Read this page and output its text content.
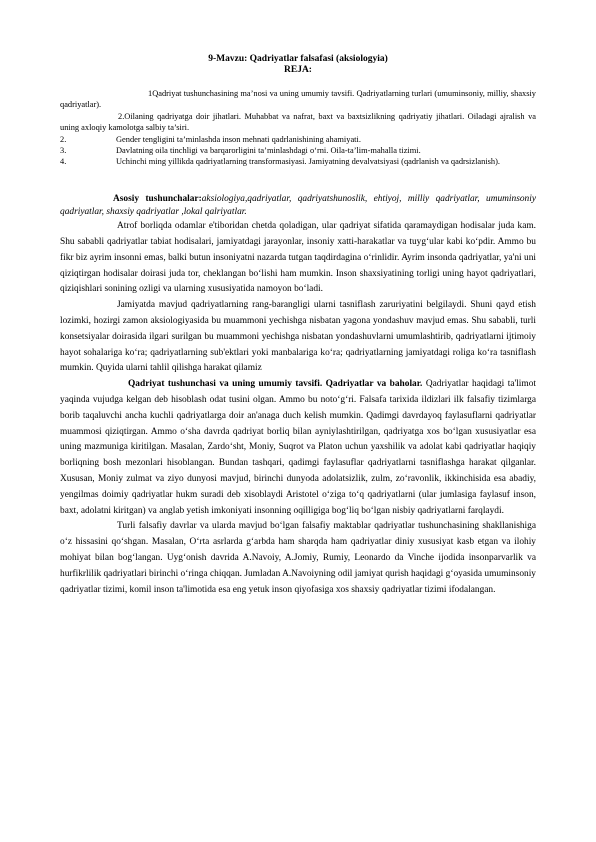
9-Mavzu: Qadriyatlar falsafasi (aksiologyia)

REJA:

1Qadriyat tushunchasining ma’nosi va uning umumiy tavsifi. Qadriyatlarning turlari (umuminsoniy, milliy, shaxsiy qadriyatlar).
2.Oilaning qadriyatga doir jihatlari. Muhabbat va nafrat, baxt va baxtsizlikning qadriyatiy jihatlari. Oiladagi ajralish va uning axloqiy kamolotga salbiy ta’siri.
2.	Gender tengligini ta’minlashda inson mehnati qadrlanishining ahamiyati.
3.	Davlatning oila tinchligi va barqarorligini ta’minlashdagi o‘rni. Oila-ta’lim-mahalla tizimi.
4.	Uchinchi ming yillikda qadriyatlarning transformasiyasi. Jamiyatning devalvatsiyasi (qadrlanish va qadrsizlanish).
Asosiy tushunchalar:aksiologiya,qadriyatlar, qadriyatshunoslik, ehtiyoj, milliy qadriyatlar, umuminsoniy qadriyatlar, shaxsiy qadriyatlar ,lokal qalriyatlar.

Atrof borliqda odamlar e'tiboridan chetda qoladigan, ular qadriyat sifatida qaramaydigan hodisalar juda kam. Shu sababli qadriyatlar tabiat hodisalari, jamiyatdagi jarayonlar, insoniy xatti-harakatlar va tuyg‘ular kabi ko‘pdir. Ammo bu fikr biz ayrim insonni emas, balki butun insoniyatni nazarda tutgan taqdirdagina o‘rinlidir. Ayrim insonda qadriyatlar, ya'ni uni qiziqtirgan hodisalar doirasi juda tor, cheklangan bo‘lishi ham mumkin. Inson shaxsiyatining torligi uning hayot qadriyatlari, qiziqishlari sonining ozligi va ularning xususiyatida namoyon bo‘ladi.

Jamiyatda mavjud qadriyatlarning rang-barangligi ularni tasniflash zaruriyatini belgilaydi. Shuni qayd etish lozimki, hozirgi zamon aksiologiyasida bu muammoni yechishga nisbatan yagona yondashuv mavjud emas. Shu sababli, turli konsetsiyalar doirasida ilgari surilgan bu muammoni yechishga nisbatan yondashuvlarni umumlashtirib, qadriyatlarni ijtimoiy hayot sohalariga ko‘ra; qadriyatlarning sub'ektlari yoki manbalariga ko‘ra; qadriyatlarning jamiyatdagi roliga ko‘ra tasniflash mumkin. Quyida ularni tahlil qilishga harakat qilamiz

Qadriyat tushunchasi va uning umumiy tavsifi. Qadriyatlar va baholar. Qadriyatlar haqidagi ta'limot yaqinda vujudga kelgan deb hisoblash odat tusini olgan. Ammo bu noto‘g‘ri. Falsafa tarixida ildizlari ilk falsafiy tizimlarga borib taqaluvchi ancha kuchli qadriyatlarga doir an'anaga duch kelish mumkin. Qadimgi davrdayoq faylasuflarni qadriyatlar muammosi qiziqtirgan. Ammo o‘sha davrda qadriyat borliq bilan ayniylashtirilgan, qadriyatga xos bo‘lgan xususiyatlar esa uning mazmuniga kiritilgan. Masalan, Zardo‘sht, Moniy, Suqrot va Platon uchun yaxshilik va adolat kabi qadriyatlar haqiqiy borliqning bosh mezonlari hisoblangan. Bundan tashqari, qadimgi faylasuflar qadriyatlarni tasniflashga harakat qilganlar. Xususan, Moniy zulmat va ziyo dunyosi mavjud, birinchi dunyoda adolatsizlik, zulm, zo‘ravonlik, ikkinchisida esa abadiy, yengilmas doimiy qadriyatlar hukm suradi deb xisoblaydi Aristotel o‘ziga to‘q qadriyatlarni (ular jumlasiga faylasuf inson, baxt, adolatni kiritgan) va anglab yetish imkoniyati insonning oqilligiga bog‘liq bo‘lgan nisbiy qadriyatlarni farqlaydi.

Turli falsafiy davrlar va ularda mavjud bo‘lgan falsafiy maktablar qadriyatlar tushunchasining shakllanishiga o‘z hissasini qo‘shgan. Masalan, O‘rta asrlarda g‘arbda ham sharqda ham qadriyatlar diniy xususiyat kasb etgan va ilohiy mohiyat bilan bog‘langan. Uyg‘onish davrida A.Navoiy, A.Jomiy, Rumiy, Leonardo da Vinche ijodida insonparvarlik va hurfikrlilik qadriyatlari birinchi o‘ringa chiqqan. Jumladan A.Navoiyning odil jamiyat qurish haqidagi g‘oyasida umuminsoniy qadriyatlar tizimi, komil inson ta'limotida esa eng yetuk inson qiyofasiga xos shaxsiy qadriyatlar tizimi ifodalangan.
